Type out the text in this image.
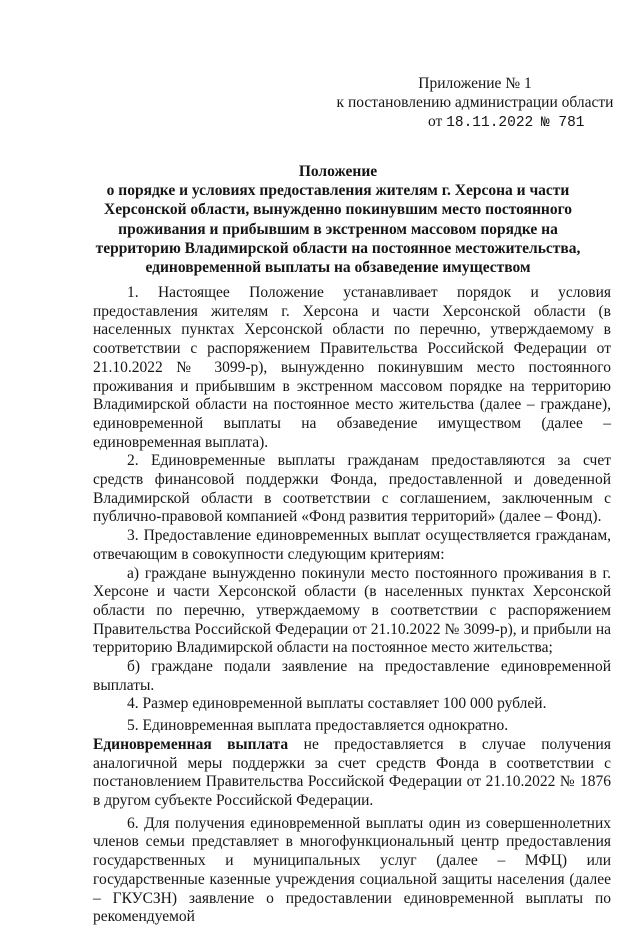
Приложение № 1
к постановлению администрации области

от 18.11.2022 № 781
Положение
о порядке и условиях предоставления жителям г. Херсона и части Херсонской области, вынужденно покинувшим место постоянного проживания и прибывшим в экстренном массовом порядке на территорию Владимирской области на постоянное местожительства, единовременной выплаты на обзаведение имуществом

1. Настоящее Положение устанавливает порядок и условия предоставления жителям г. Херсона и части Херсонской области (в населенных пунктах Херсонской области по перечню, утверждаемому в соответствии с распоряжением Правительства Российской Федерации от 21.10.2022 № 3099-р), вынужденно покинувшим место постоянного проживания и прибывшим в экстренном массовом порядке на территорию Владимирской области на постоянное место жительства (далее – граждане), единовременной выплаты на обзаведение имуществом (далее – единовременная выплата).

2. Единовременные выплаты гражданам предоставляются за счет средств финансовой поддержки Фонда, предоставленной и доведенной Владимирской области в соответствии с соглашением, заключенным с публично-правовой компанией «Фонд развития территорий» (далее – Фонд).

3. Предоставление единовременных выплат осуществляется гражданам, отвечающим в совокупности следующим критериям:

а) граждане вынужденно покинули место постоянного проживания в г. Херсоне и части Херсонской области (в населенных пунктах Херсонской области по перечню, утверждаемому в соответствии с распоряжением Правительства Российской Федерации от 21.10.2022 № 3099-р), и прибыли на территорию Владимирской области на постоянное место жительства;

б) граждане подали заявление на предоставление единовременной выплаты.

4. Размер единовременной выплаты составляет 100 000 рублей.

5. Единовременная выплата предоставляется однократно.

Единовременная выплата не предоставляется в случае получения аналогичной меры поддержки за счет средств Фонда в соответствии с постановлением Правительства Российской Федерации от 21.10.2022 № 1876 в другом субъекте Российской Федерации.

6. Для получения единовременной выплаты один из совершеннолетних членов семьи представляет в многофункциональный центр предоставления государственных и муниципальных услуг (далее – МФЦ) или государственные казенные учреждения социальной защиты населения (далее – ГКУСЗН) заявление о предоставлении единовременной выплаты по рекомендуемой
